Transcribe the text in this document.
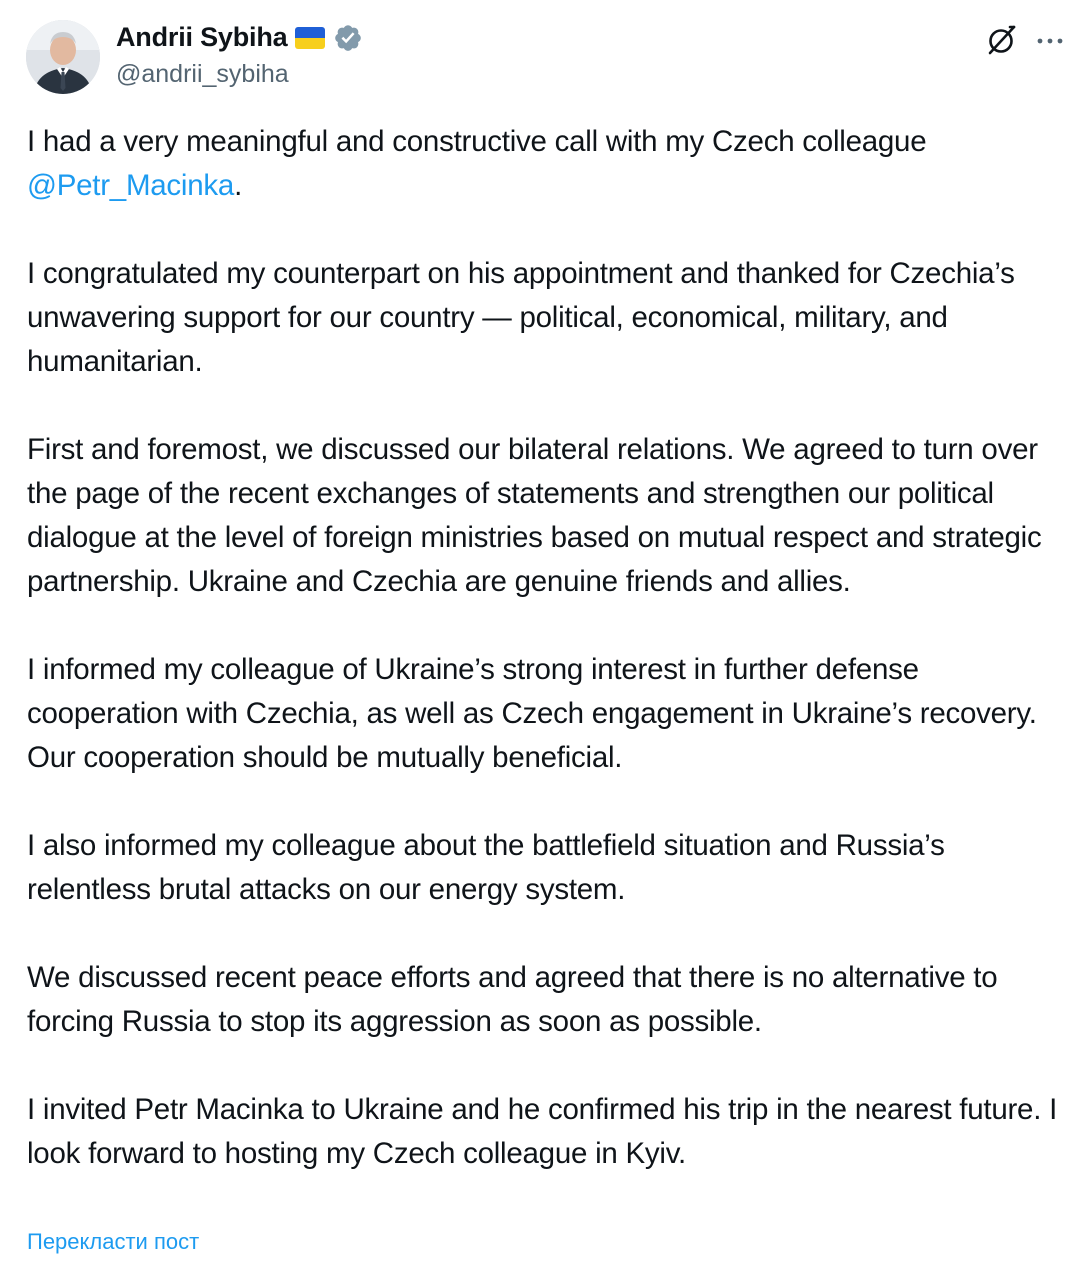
Andrii Sybiha
@andrii_sybiha

I had a very meaningful and constructive call with my Czech colleague @Petr_Macinka.

I congratulated my counterpart on his appointment and thanked for Czechia’s unwavering support for our country — political, economical, military, and humanitarian.

First and foremost, we discussed our bilateral relations. We agreed to turn over the page of the recent exchanges of statements and strengthen our political dialogue at the level of foreign ministries based on mutual respect and strategic partnership. Ukraine and Czechia are genuine friends and allies.

I informed my colleague of Ukraine’s strong interest in further defense cooperation with Czechia, as well as Czech engagement in Ukraine’s recovery. Our cooperation should be mutually beneficial.

I also informed my colleague about the battlefield situation and Russia’s relentless brutal attacks on our energy system.

We discussed recent peace efforts and agreed that there is no alternative to forcing Russia to stop its aggression as soon as possible.

I invited Petr Macinka to Ukraine and he confirmed his trip in the nearest future. I look forward to hosting my Czech colleague in Kyiv.

Перекласти пост
